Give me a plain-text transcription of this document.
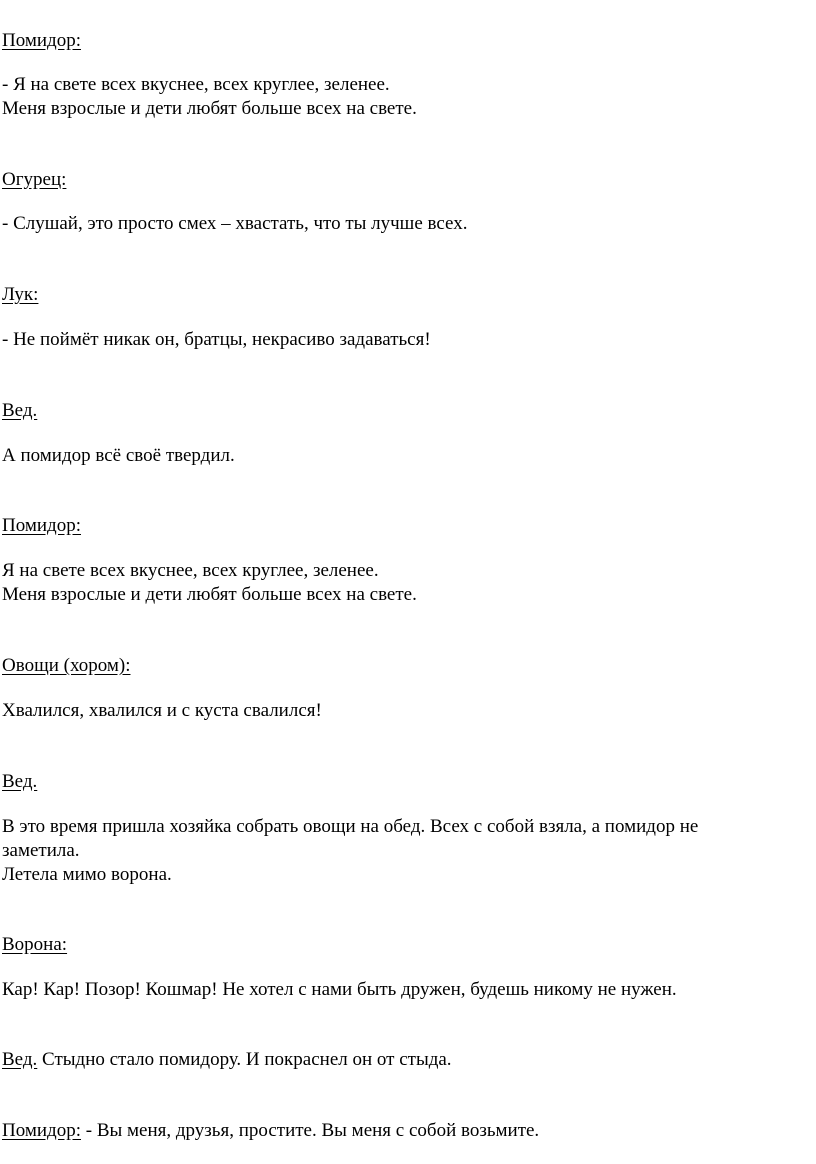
Помидор:
- Я на свете всех вкуснее, всех круглее, зеленее.
Меня взрослые и дети любят больше всех на свете.
Огурец:
- Слушай, это просто смех – хвастать, что ты лучше всех.
Лук:
- Не поймёт никак он, братцы, некрасиво задаваться!
Вед.
А помидор всё своё твердил.
Помидор:
Я на свете всех вкуснее, всех круглее, зеленее.
Меня взрослые и дети любят больше всех на свете.
Овощи (хором):
Хвалился, хвалился и с куста свалился!
Вед.
В это время пришла хозяйка собрать овощи на обед. Всех с собой взяла, а помидор не
заметила.
Летела мимо ворона.
Ворона:
Кар! Кар! Позор! Кошмар! Не хотел с нами быть дружен, будешь никому не нужен.
Вед. Стыдно стало помидору. И покраснел он от стыда.
Помидор: - Вы меня, друзья, простите. Вы меня с собой возьмите.
